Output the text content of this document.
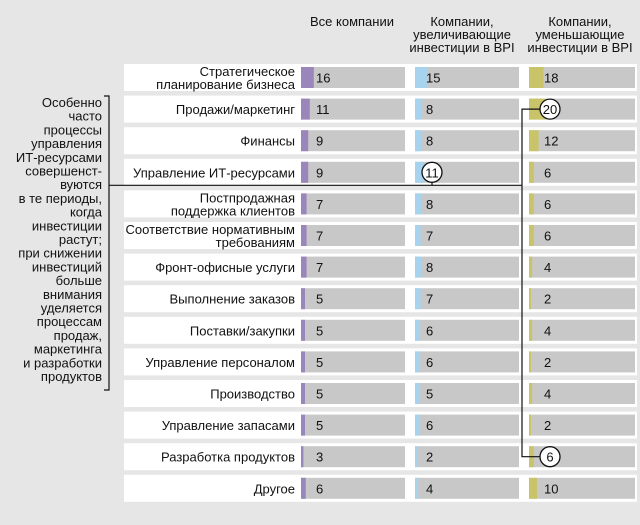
Все компании	Компании,
увеличивающие
инвестиции в BPI
Компании,
уменьшающие
инвестиции в BPI
16
11
9
9
7
7
7
5
5
5
5
5
3
6
15
8
8
11
8
7
8
7
6
6
5
6
2
4
18
20
12
6
6
6
4
2
4
2
4
2
6
10
Стратегическое
планирование бизнеса
Продажи/маркетинг
Финансы
Управление ИТ-ресурсами
Постпродажная
поддержка клиентов
Соответствие нормативным
требованиям
Фронт-офисные услуги
Выполнение заказов
Поставки/закупки
Управление персоналом
Производство
Управление запасами
Разработка продуктов
Другое
Особенно
часто
процессы
управления
ИТ-ресурсами
совершенст-
вуются
в те периоды,
когда
инвестиции
растут;
при снижении
инвестиций
больше
внимания
уделяется
процессам
продаж,
маркетинга
и разработки
продуктов
